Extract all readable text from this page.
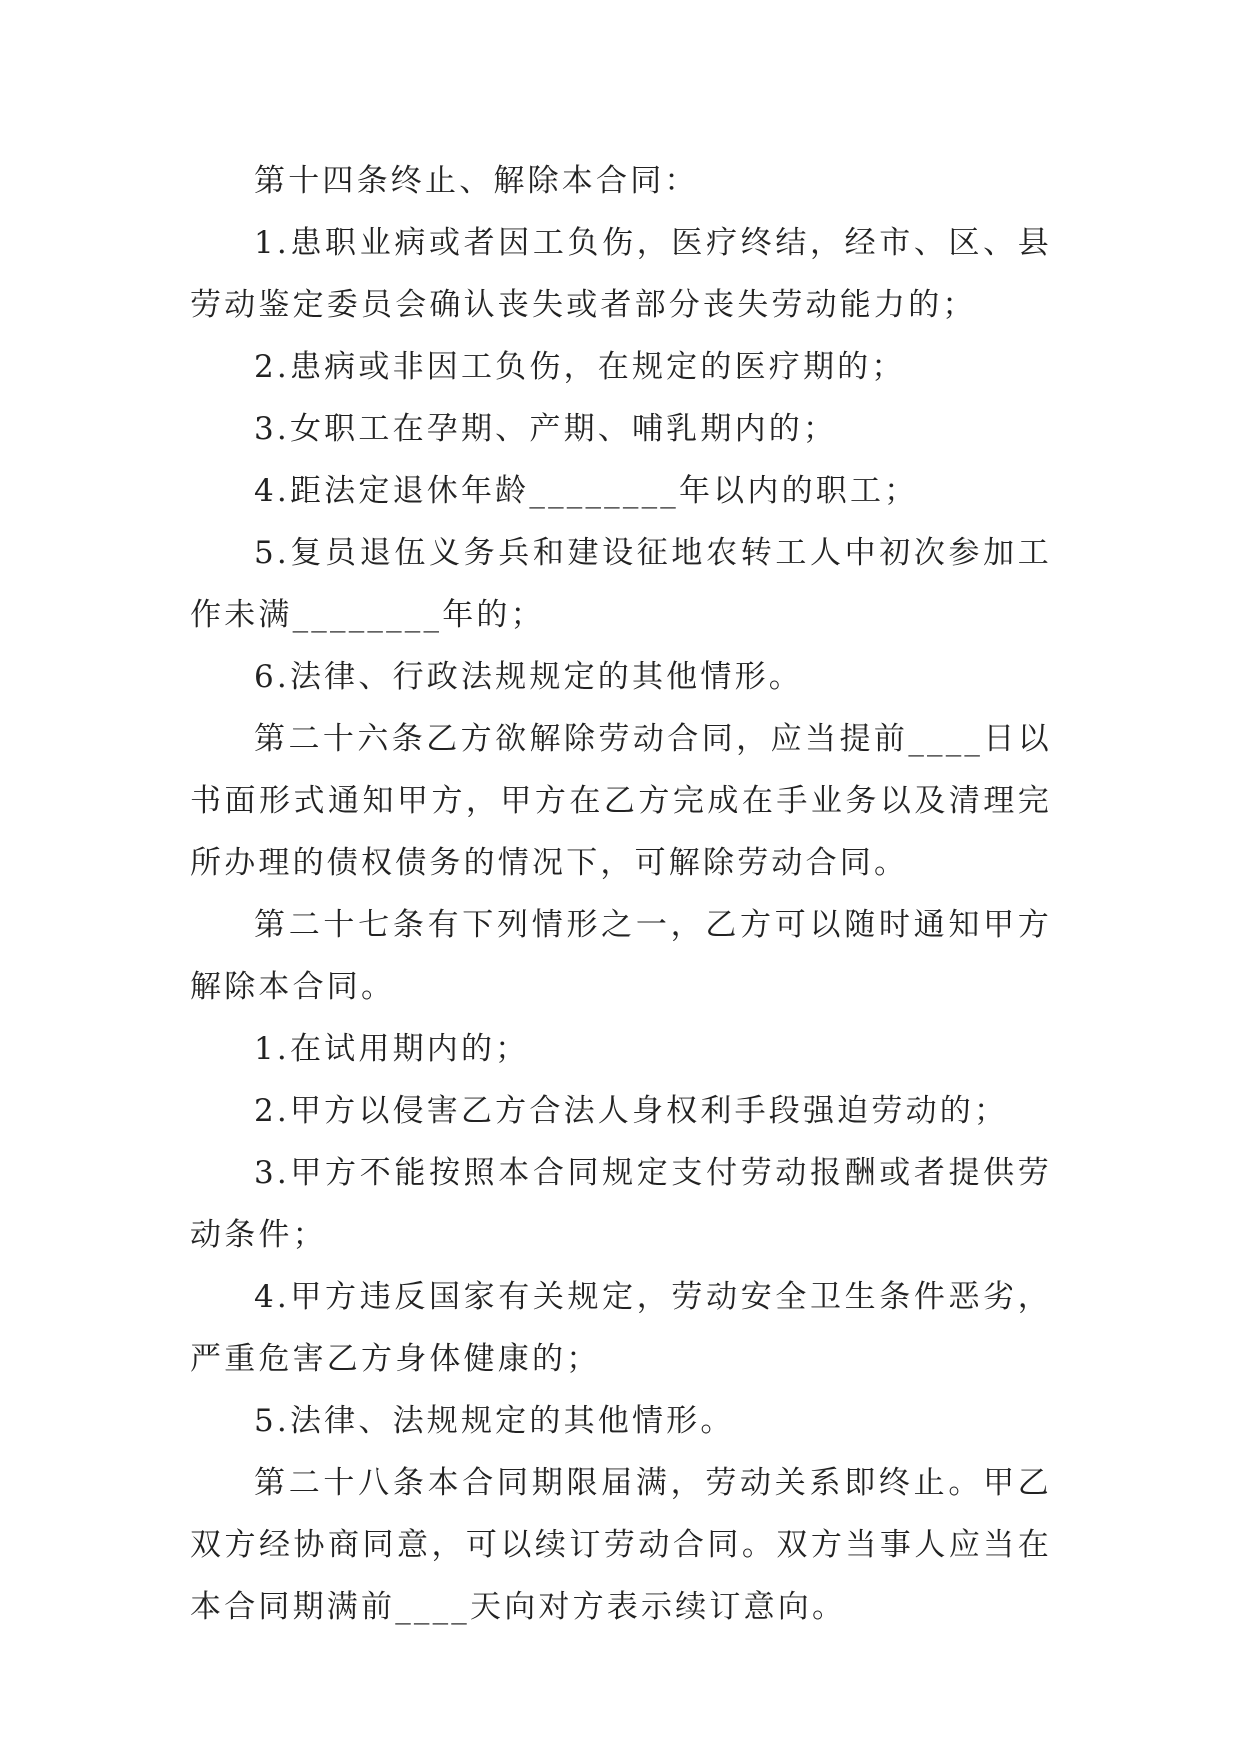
第十四条终止、解除本合同：

1.患职业病或者因工负伤，医疗终结，经市、区、县劳动鉴定委员会确认丧失或者部分丧失劳动能力的；

2.患病或非因工负伤，在规定的医疗期的；

3.女职工在孕期、产期、哺乳期内的；

4.距法定退休年龄________年以内的职工；

5.复员退伍义务兵和建设征地农转工人中初次参加工作未满________年的；

6.法律、行政法规规定的其他情形。

第二十六条乙方欲解除劳动合同，应当提前____日以书面形式通知甲方，甲方在乙方完成在手业务以及清理完所办理的债权债务的情况下，可解除劳动合同。

第二十七条有下列情形之一，乙方可以随时通知甲方解除本合同。

1.在试用期内的；

2.甲方以侵害乙方合法人身权利手段强迫劳动的；

3.甲方不能按照本合同规定支付劳动报酬或者提供劳动条件；

4.甲方违反国家有关规定，劳动安全卫生条件恶劣，严重危害乙方身体健康的；

5.法律、法规规定的其他情形。

第二十八条本合同期限届满，劳动关系即终止。甲乙双方经协商同意，可以续订劳动合同。双方当事人应当在本合同期满前____天向对方表示续订意向。
